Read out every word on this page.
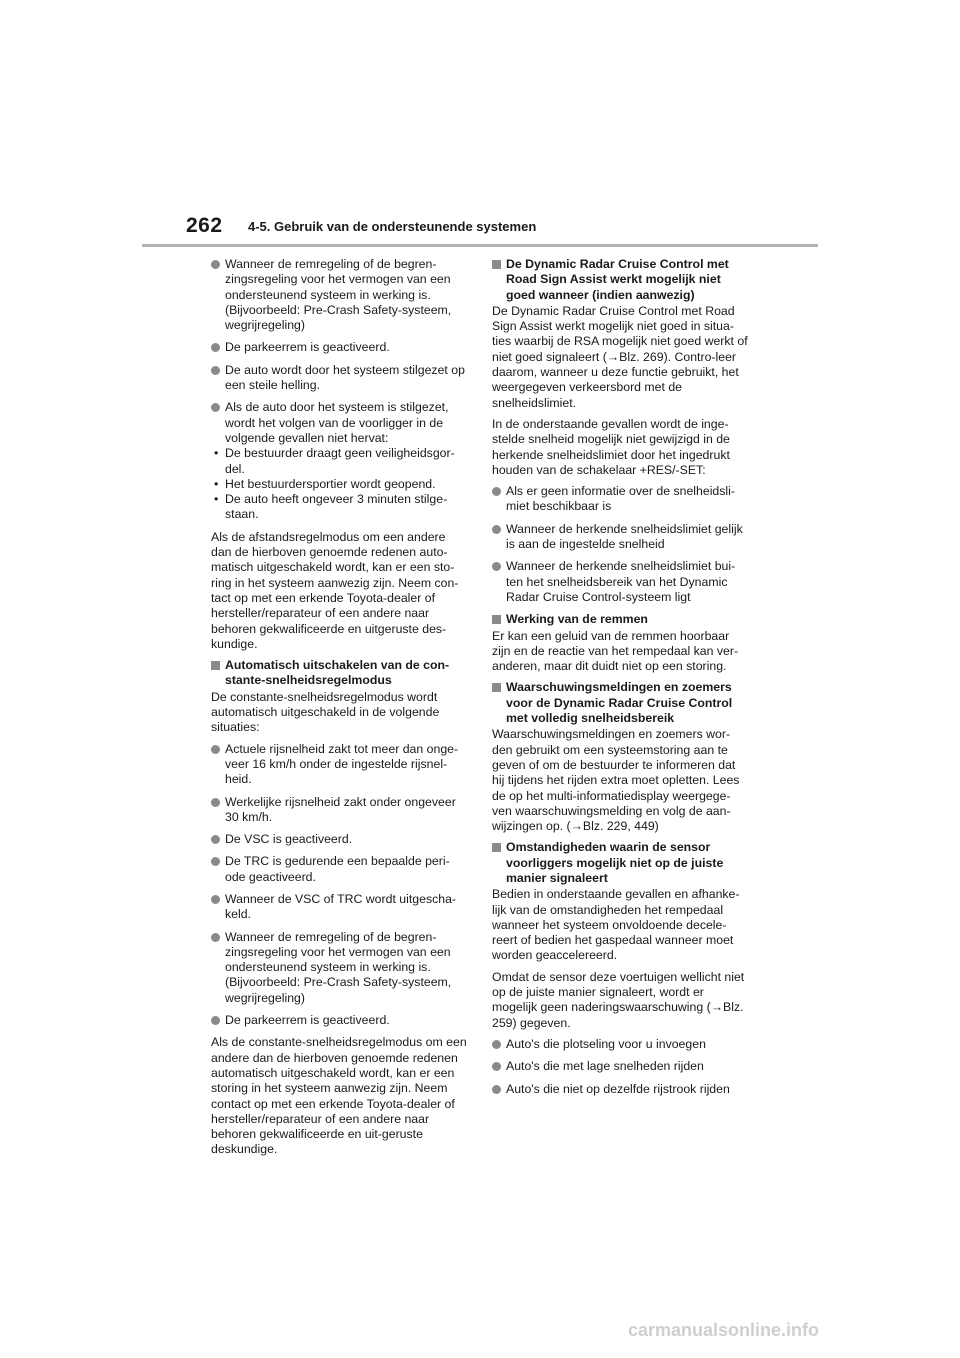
262 4-5. Gebruik van de ondersteunende systemen
Wanneer de remregeling of de begren-zingsregeling voor het vermogen van een ondersteunend systeem in werking is. (Bijvoorbeeld: Pre-Crash Safety-systeem, wegrijregeling)
De parkeerrem is geactiveerd.
De auto wordt door het systeem stilgezet op een steile helling.
Als de auto door het systeem is stilgezet, wordt het volgen van de voorligger in de volgende gevallen niet hervat:
• De bestuurder draagt geen veiligheidsgor-del.
• Het bestuurdersportier wordt geopend.
• De auto heeft ongeveer 3 minuten stilge-staan.
Als de afstandsregelmodus om een andere dan de hierboven genoemde redenen auto-matisch uitgeschakeld wordt, kan er een sto-ring in het systeem aanwezig zijn. Neem con-tact op met een erkende Toyota-dealer of hersteller/reparateur of een andere naar behoren gekwalificeerde en uitgeruste des-kundige.
Automatisch uitschakelen van de con-stante-snelheidsregelmodus
De constante-snelheidsregelmodus wordt automatisch uitgeschakeld in de volgende situaties:
Actuele rijsnelheid zakt tot meer dan onge-veer 16 km/h onder de ingestelde rijsnel-heid.
Werkelijke rijsnelheid zakt onder ongeveer 30 km/h.
De VSC is geactiveerd.
De TRC is gedurende een bepaalde peri-ode geactiveerd.
Wanneer de VSC of TRC wordt uitgescha-keld.
Wanneer de remregeling of de begren-zingsregeling voor het vermogen van een ondersteunend systeem in werking is. (Bijvoorbeeld: Pre-Crash Safety-systeem, wegrijregeling)
De parkeerrem is geactiveerd.
Als de constante-snelheidsregelmodus om een andere dan de hierboven genoemde redenen automatisch uitgeschakeld wordt, kan er een storing in het systeem aanwezig zijn. Neem contact op met een erkende Toyota-dealer of hersteller/reparateur of een andere naar behoren gekwalificeerde en uit-geruste deskundige.
De Dynamic Radar Cruise Control met Road Sign Assist werkt mogelijk niet goed wanneer (indien aanwezig)
De Dynamic Radar Cruise Control met Road Sign Assist werkt mogelijk niet goed in situa-ties waarbij de RSA mogelijk niet goed werkt of niet goed signaleert (→Blz. 269). Contro-leer daarom, wanneer u deze functie gebruikt, het weergegeven verkeersbord met de snelheidslimiet.
In de onderstaande gevallen wordt de inge-stelde snelheid mogelijk niet gewijzigd in de herkende snelheidslimiet door het ingedrukt houden van de schakelaar +RES/-SET:
Als er geen informatie over de snelheidsli-miet beschikbaar is
Wanneer de herkende snelheidslimiet gelijk is aan de ingestelde snelheid
Wanneer de herkende snelheidslimiet bui-ten het snelheidsbereik van het Dynamic Radar Cruise Control-systeem ligt
Werking van de remmen
Er kan een geluid van de remmen hoorbaar zijn en de reactie van het rempedaal kan ver-anderen, maar dit duidt niet op een storing.
Waarschuwingsmeldingen en zoemers voor de Dynamic Radar Cruise Control met volledig snelheidsbereik
Waarschuwingsmeldingen en zoemers wor-den gebruikt om een systeemstoring aan te geven of om de bestuurder te informeren dat hij tijdens het rijden extra moet opletten. Lees de op het multi-informatiedisplay weergege-ven waarschuwingsmelding en volg de aan-wijzingen op. (→Blz. 229, 449)
Omstandigheden waarin de sensor voorliggers mogelijk niet op de juiste manier signaleert
Bedien in onderstaande gevallen en afhanke-lijk van de omstandigheden het rempedaal wanneer het systeem onvoldoende decele-reert of bedien het gaspedaal wanneer moet worden geaccelereerd.
Omdat de sensor deze voertuigen wellicht niet op de juiste manier signaleert, wordt er mogelijk geen naderingswaarschuwing (→Blz. 259) gegeven.
Auto's die plotseling voor u invoegen
Auto's die met lage snelheden rijden
Auto's die niet op dezelfde rijstrook rijden
carmanualsonline.info
